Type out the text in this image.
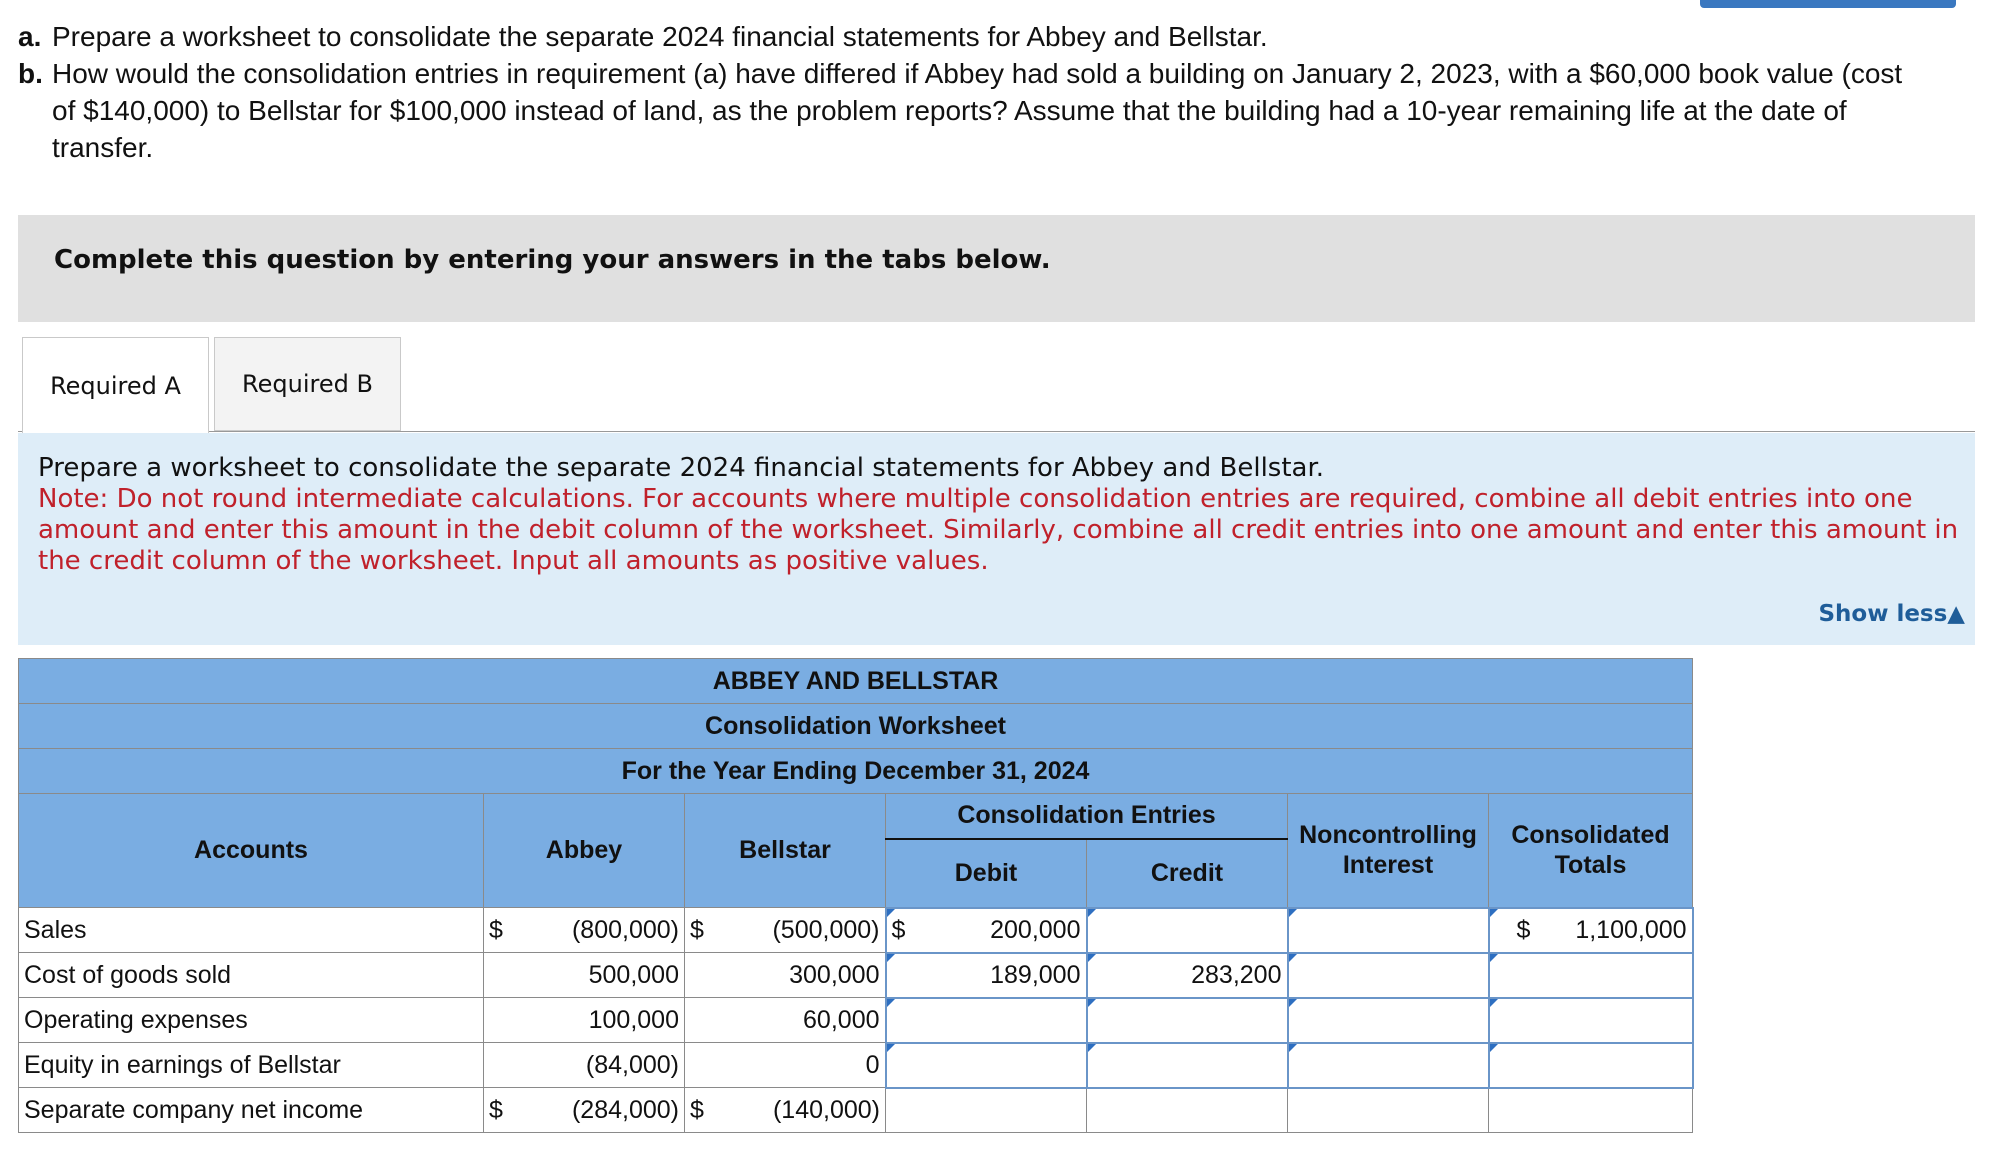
a. Prepare a worksheet to consolidate the separate 2024 financial statements for Abbey and Bellstar.
b. How would the consolidation entries in requirement (a) have differed if Abbey had sold a building on January 2, 2023, with a $60,000 book value (cost of $140,000) to Bellstar for $100,000 instead of land, as the problem reports? Assume that the building had a 10-year remaining life at the date of transfer.
Complete this question by entering your answers in the tabs below.
Required A	Required B
Prepare a worksheet to consolidate the separate 2024 financial statements for Abbey and Bellstar.
Note: Do not round intermediate calculations. For accounts where multiple consolidation entries are required, combine all debit entries into one amount and enter this amount in the debit column of the worksheet. Similarly, combine all credit entries into one amount and enter this amount in the credit column of the worksheet. Input all amounts as positive values.
Show less▲
ABBEY AND BELLSTAR						
Consolidation Worksheet						
For the Year Ending December 31, 2024						
Accounts	Abbey	Bellstar	Consolidation Entries		Noncontrolling Interest	Consolidated Totals
			Debit	Credit		
Sales	$ (800,000)	$ (500,000)	$ 200,000			$ 1,100,000
Cost of goods sold	500,000	300,000	189,000	283,200	

Operating expenses	100,000	60,000	

Equity in earnings of Bellstar	(84,000)	0	

Separate company net income	$ (284,000)	$ (140,000)				
